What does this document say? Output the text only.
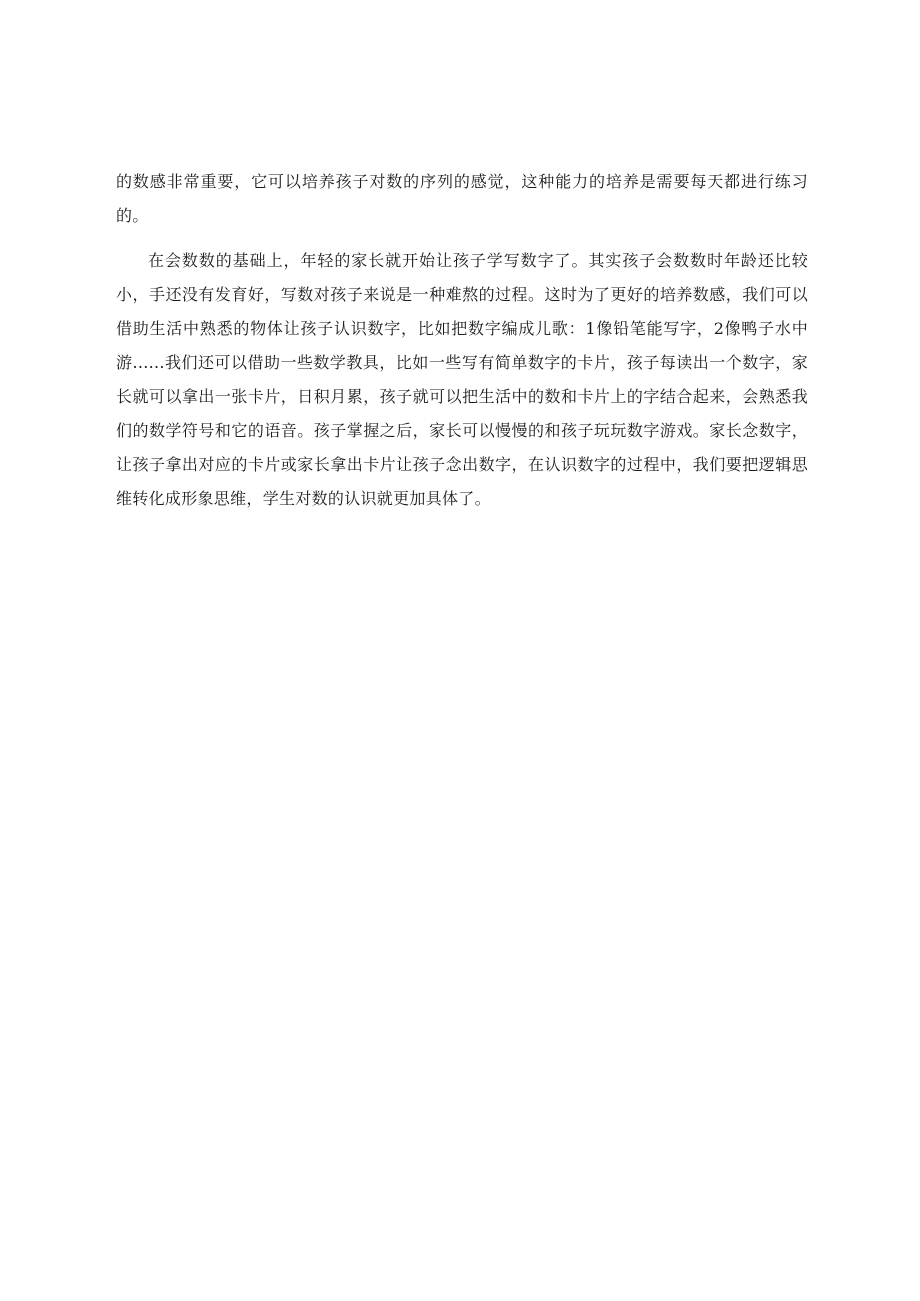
的数感非常重要，它可以培养孩子对数的序列的感觉，这种能力的培养是需要每天都进行练习的。

在会数数的基础上，年轻的家长就开始让孩子学写数字了。其实孩子会数数时年龄还比较小，手还没有发育好，写数对孩子来说是一种难熬的过程。这时为了更好的培养数感，我们可以借助生活中熟悉的物体让孩子认识数字，比如把数字编成儿歌：1像铅笔能写字，2像鸭子水中游......我们还可以借助一些数学教具，比如一些写有简单数字的卡片，孩子每读出一个数字，家长就可以拿出一张卡片，日积月累，孩子就可以把生活中的数和卡片上的字结合起来，会熟悉我们的数学符号和它的语音。孩子掌握之后，家长可以慢慢的和孩子玩玩数字游戏。家长念数字，让孩子拿出对应的卡片或家长拿出卡片让孩子念出数字，在认识数字的过程中，我们要把逻辑思维转化成形象思维，学生对数的认识就更加具体了。
